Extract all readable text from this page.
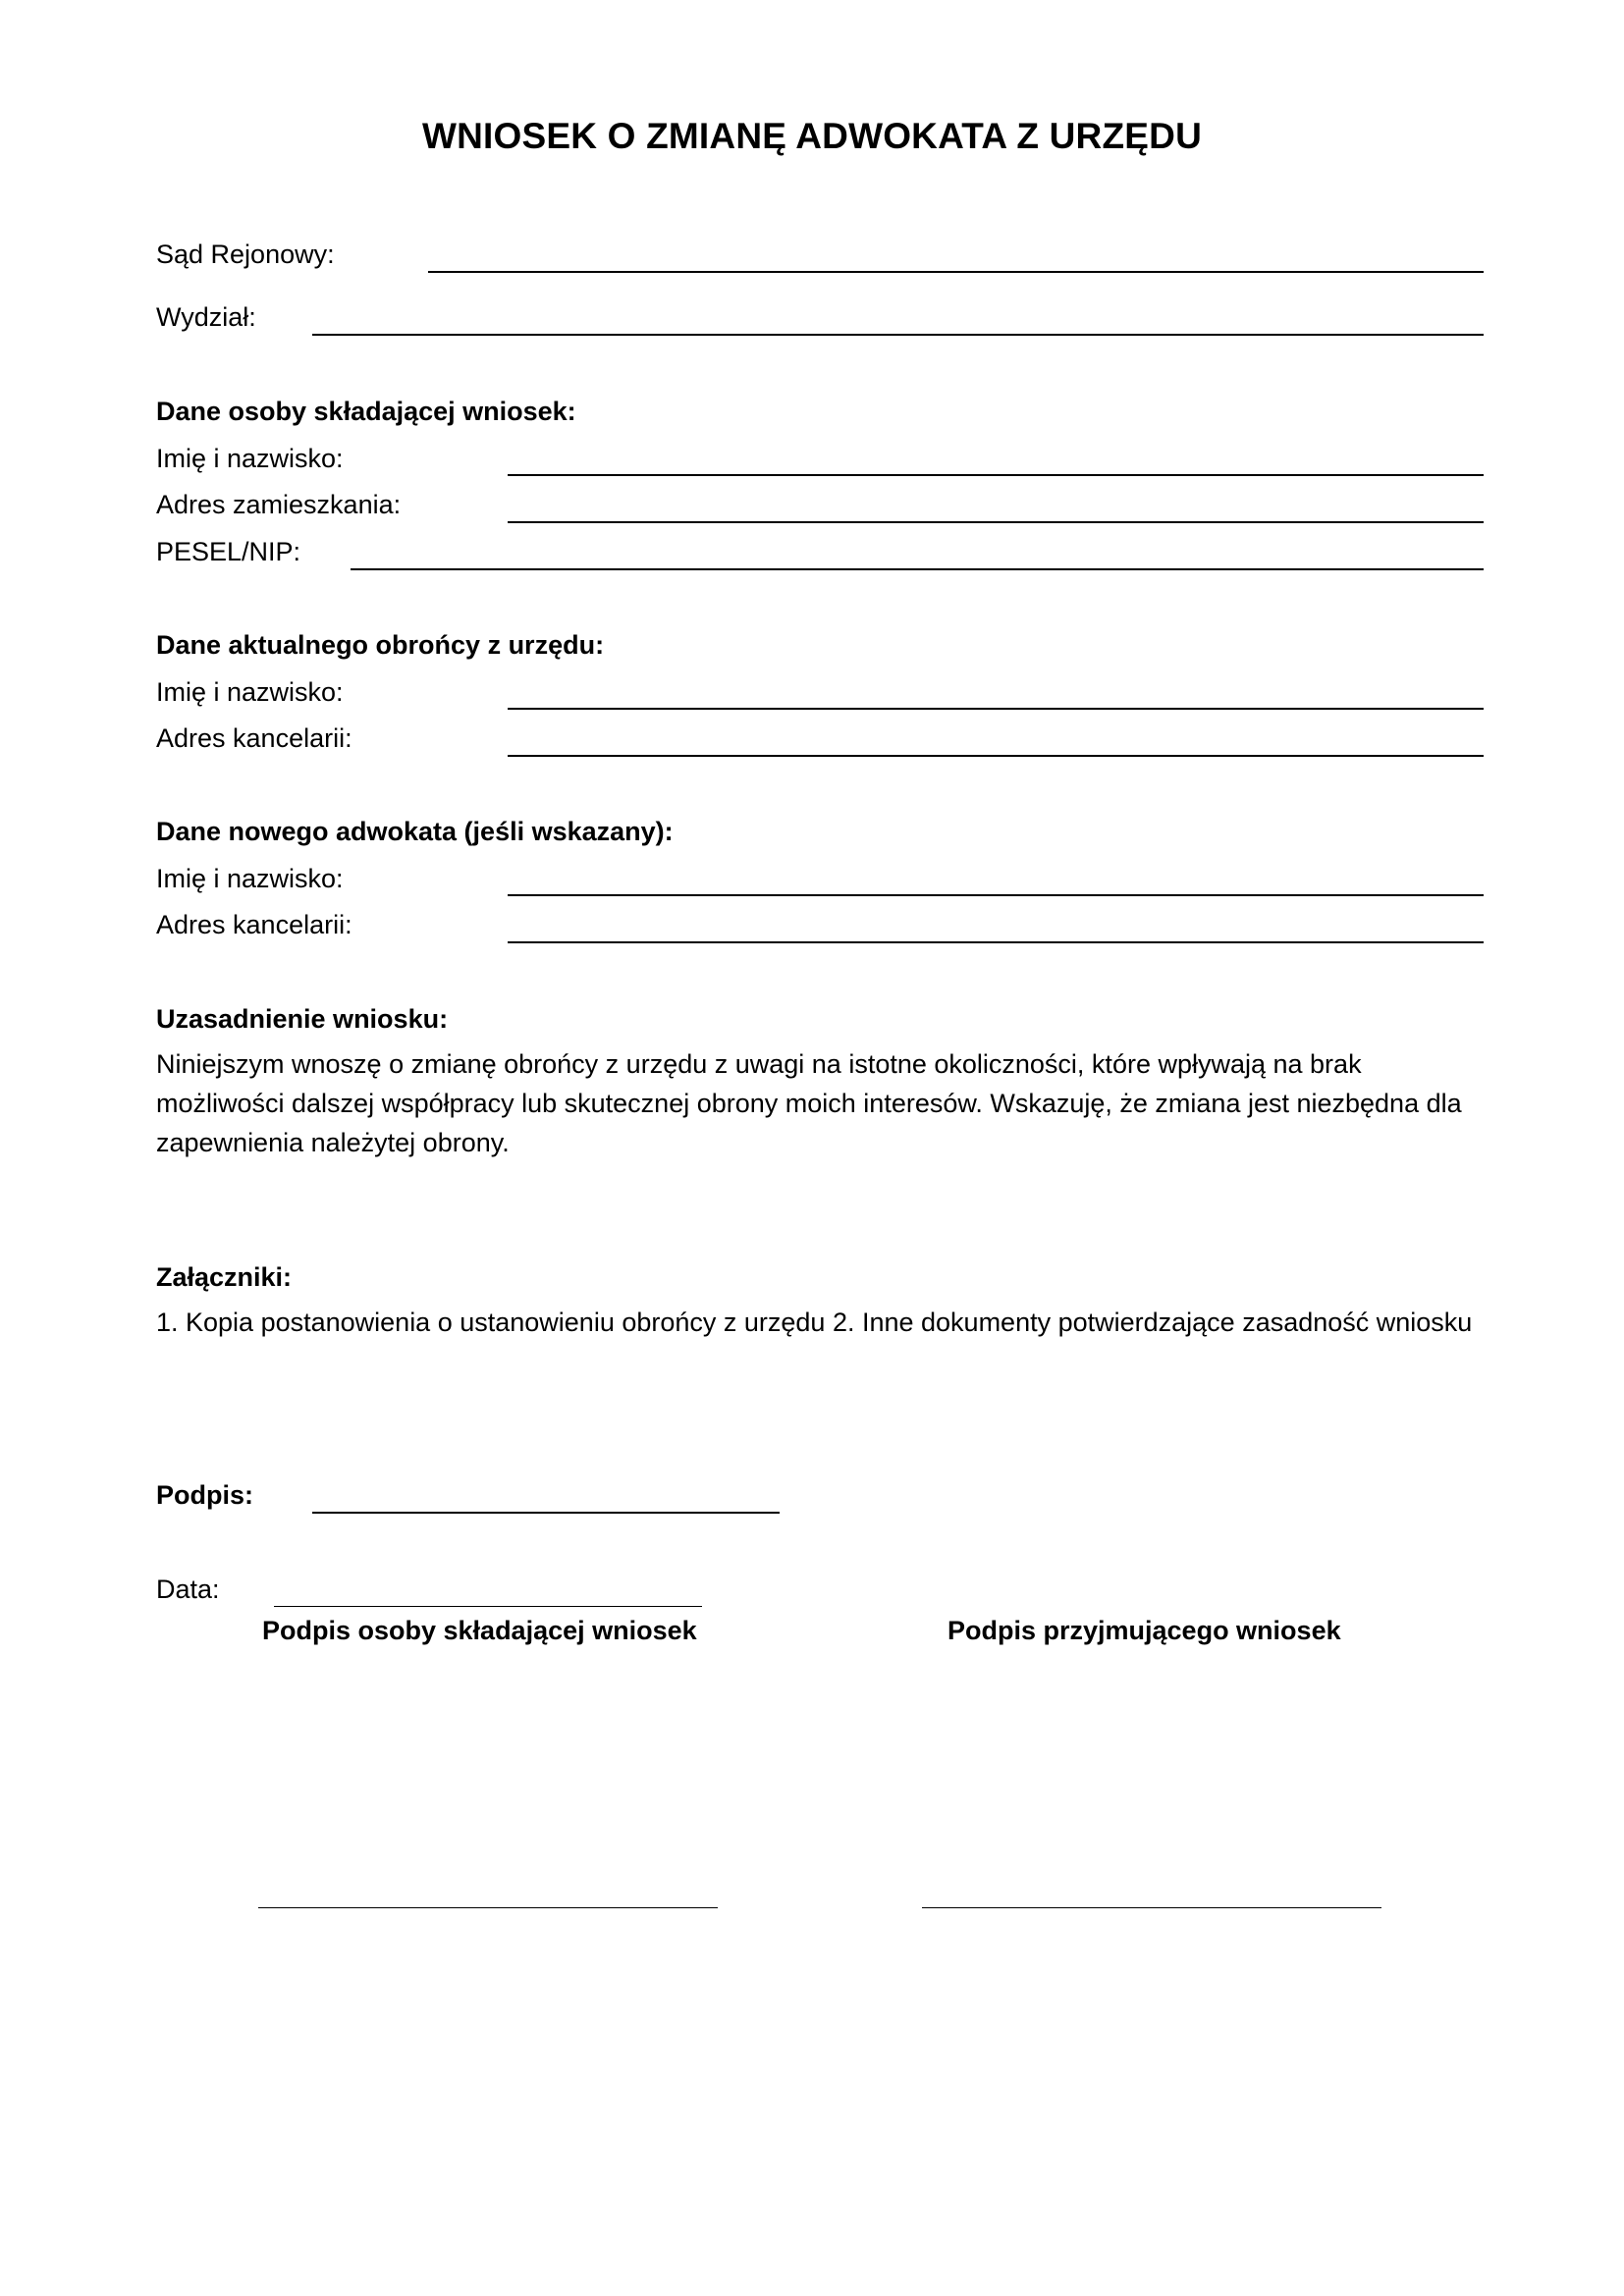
WNIOSEK O ZMIANĘ ADWOKATA Z URZĘDU
Sąd Rejonowy:
Wydział:
Dane osoby składającej wniosek:
Imię i nazwisko:
Adres zamieszkania:
PESEL/NIP:
Dane aktualnego obrońcy z urzędu:
Imię i nazwisko:
Adres kancelarii:
Dane nowego adwokata (jeśli wskazany):
Imię i nazwisko:
Adres kancelarii:
Uzasadnienie wniosku:
Niniejszym wnoszę o zmianę obrońcy z urzędu z uwagi na istotne okoliczności, które wpływają na brak możliwości dalszej współpracy lub skutecznej obrony moich interesów. Wskazuję, że zmiana jest niezbędna dla zapewnienia należytej obrony.
Załączniki:
1. Kopia postanowienia o ustanowieniu obrońcy z urzędu 2. Inne dokumenty potwierdzające zasadność wniosku
Podpis:
Data:
Podpis osoby składającej wniosek	Podpis przyjmującego wniosek
